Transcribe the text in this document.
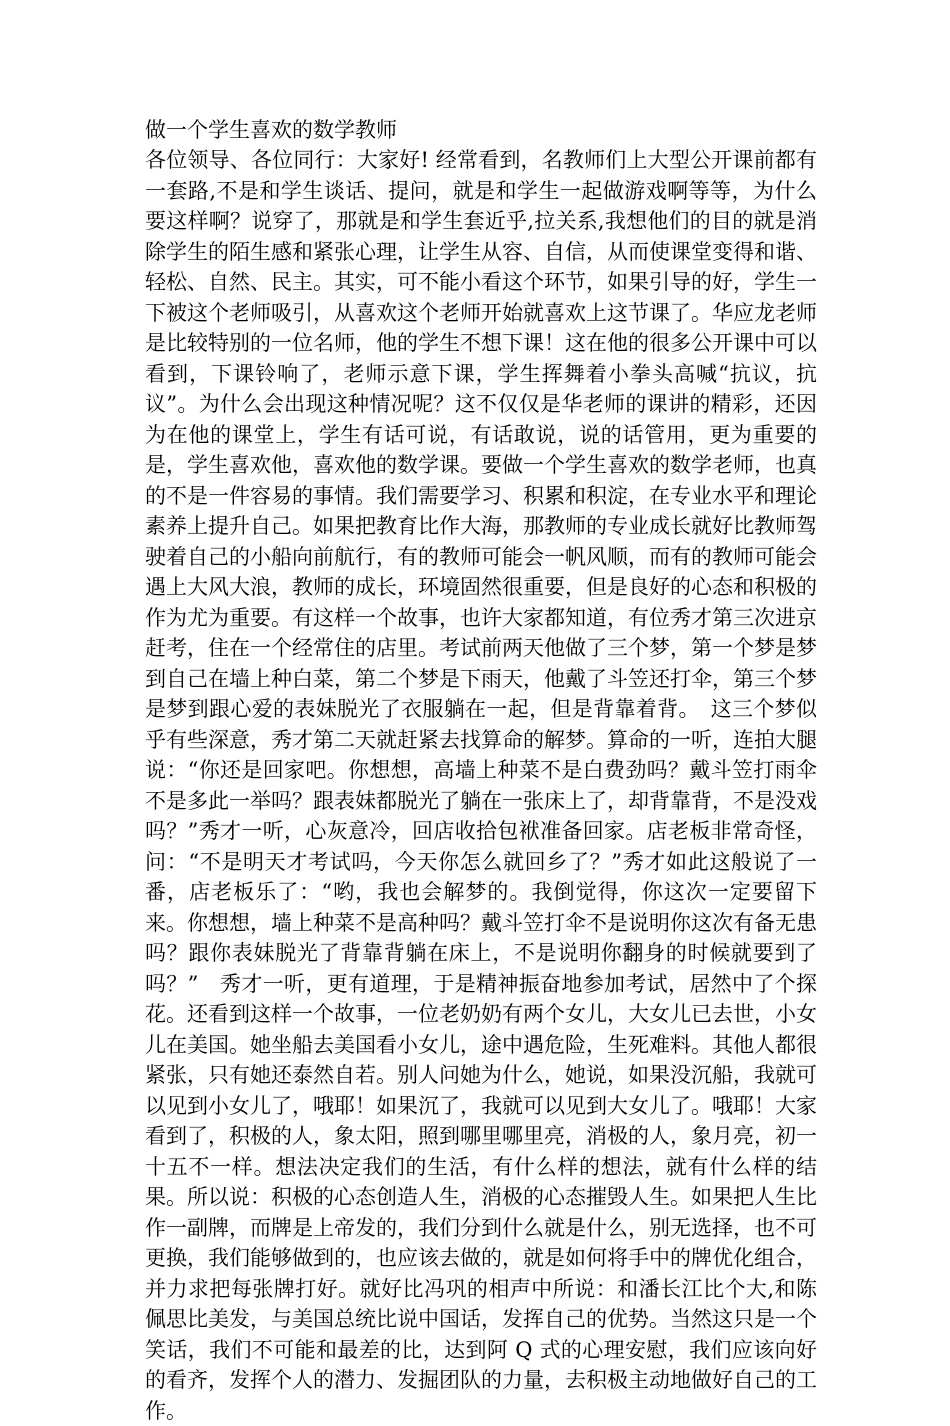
做一个学生喜欢的数学教师
各位领导、各位同行：大家好! 经常看到，名教师们上大型公开课前都有一套路,不是和学生谈话、提问，就是和学生一起做游戏啊等等，为什么要这样啊？说穿了，那就是和学生套近乎,拉关系,我想他们的目的就是消除学生的陌生感和紧张心理，让学生从容、自信，从而使课堂变得和谐、轻松、自然、民主。其实，可不能小看这个环节，如果引导的好，学生一下被这个老师吸引，从喜欢这个老师开始就喜欢上这节课了。华应龙老师是比较特别的一位名师，他的学生不想下课！这在他的很多公开课中可以看到，下课铃响了，老师示意下课，学生挥舞着小拳头高喊“抗议，抗议”。为什么会出现这种情况呢？这不仅仅是华老师的课讲的精彩，还因为在他的课堂上，学生有话可说，有话敢说，说的话管用，更为重要的是，学生喜欢他，喜欢他的数学课。要做一个学生喜欢的数学老师，也真的不是一件容易的事情。我们需要学习、积累和积淀，在专业水平和理论素养上提升自己。如果把教育比作大海，那教师的专业成长就好比教师驾驶着自己的小船向前航行，有的教师可能会一帆风顺，而有的教师可能会遇上大风大浪，教师的成长，环境固然很重要，但是良好的心态和积极的作为尤为重要。有这样一个故事，也许大家都知道，有位秀才第三次进京赶考，住在一个经常住的店里。考试前两天他做了三个梦，第一个梦是梦到自己在墙上种白菜，第二个梦是下雨天，他戴了斗笠还打伞，第三个梦是梦到跟心爱的表妹脱光了衣服躺在一起，但是背靠着背。　这三个梦似乎有些深意，秀才第二天就赶紧去找算命的解梦。算命的一听，连拍大腿说：“你还是回家吧。你想想，高墙上种菜不是白费劲吗？戴斗笠打雨伞不是多此一举吗？跟表妹都脱光了躺在一张床上了，却背靠背，不是没戏吗？”秀才一听，心灰意冷，回店收拾包袱准备回家。店老板非常奇怪，问：“不是明天才考试吗，今天你怎么就回乡了？”秀才如此这般说了一番，店老板乐了：“哟，我也会解梦的。我倒觉得，你这次一定要留下来。你想想，墙上种菜不是高种吗？戴斗笠打伞不是说明你这次有备无患吗？跟你表妹脱光了背靠背躺在床上，不是说明你翻身的时候就要到了吗？”　秀才一听，更有道理，于是精神振奋地参加考试，居然中了个探花。还看到这样一个故事，一位老奶奶有两个女儿，大女儿已去世，小女儿在美国。她坐船去美国看小女儿，途中遇危险，生死难料。其他人都很紧张，只有她还泰然自若。别人问她为什么，她说，如果没沉船，我就可以见到小女儿了，哦耶！如果沉了，我就可以见到大女儿了。哦耶！大家看到了，积极的人，象太阳，照到哪里哪里亮，消极的人，象月亮，初一十五不一样。想法决定我们的生活，有什么样的想法，就有什么样的结果。所以说：积极的心态创造人生，消极的心态摧毁人生。如果把人生比作一副牌，而牌是上帝发的，我们分到什么就是什么，别无选择，也不可更换，我们能够做到的，也应该去做的，就是如何将手中的牌优化组合，并力求把每张牌打好。就好比冯巩的相声中所说：和潘长江比个大,和陈佩思比美发，与美国总统比说中国话，发挥自己的优势。当然这只是一个笑话，我们不可能和最差的比，达到阿 Q 式的心理安慰，我们应该向好的看齐，发挥个人的潜力、发掘团队的力量，去积极主动地做好自己的工作。
